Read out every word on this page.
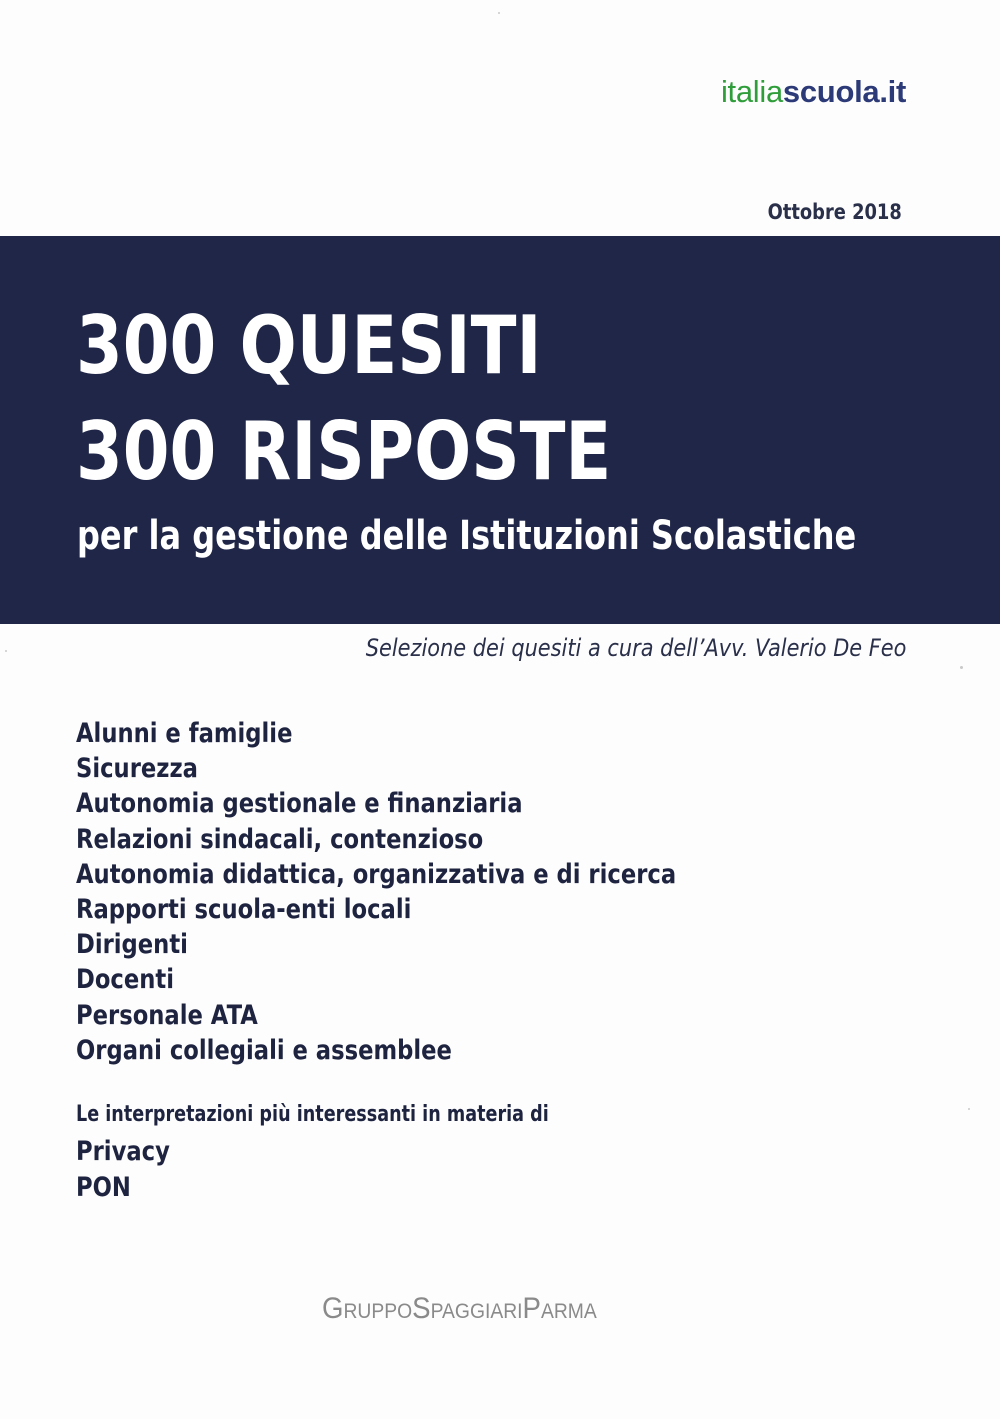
italiascuola.it
Ottobre 2018
300 QUESITI
300 RISPOSTE
per la gestione delle Istituzioni Scolastiche
Selezione dei quesiti a cura dell’Avv. Valerio De Feo
Alunni e famiglie
Sicurezza
Autonomia gestionale e finanziaria
Relazioni sindacali, contenzioso
Autonomia didattica, organizzativa e di ricerca
Rapporti scuola-enti locali
Dirigenti
Docenti
Personale ATA
Organi collegiali e assemblee
Le interpretazioni più interessanti in materia di
Privacy
PON
GruppoSpaggiariParma
